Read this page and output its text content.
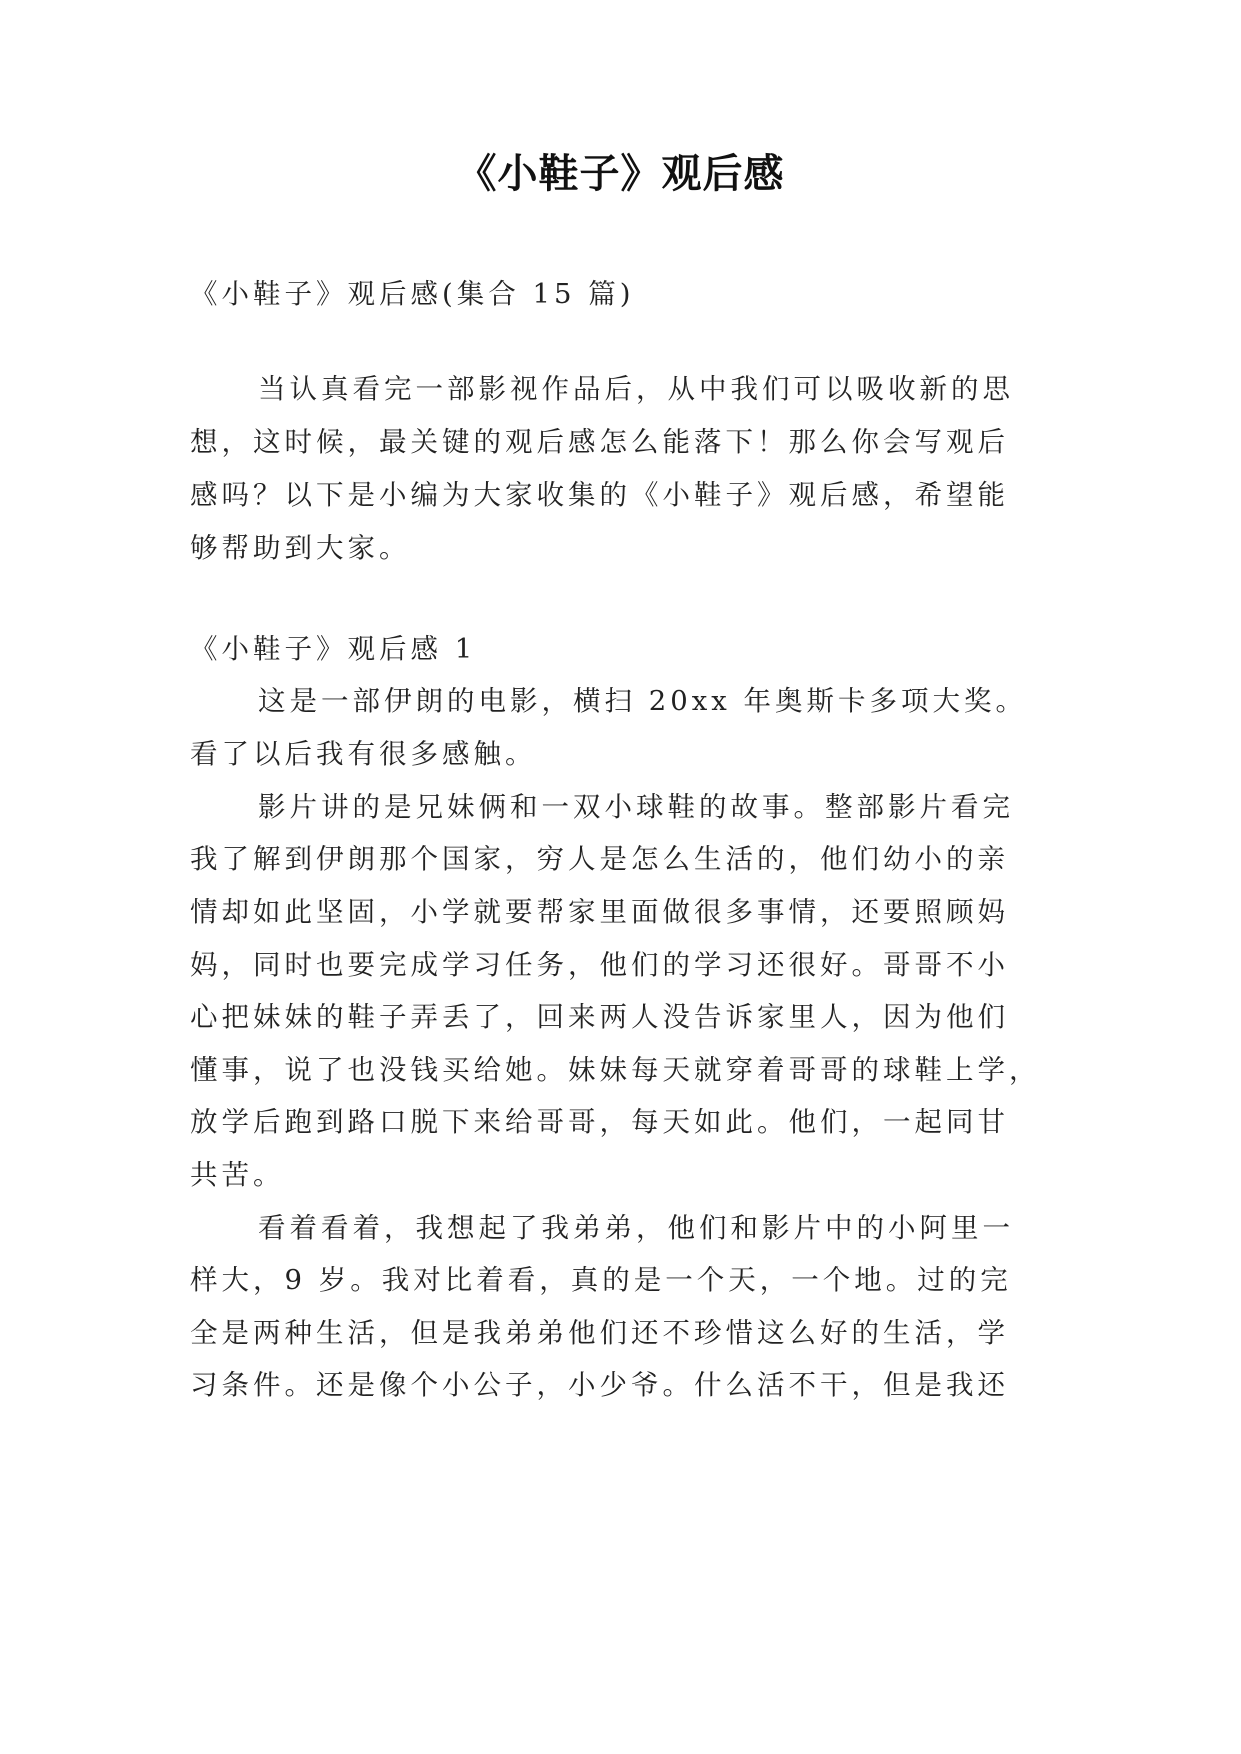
《小鞋子》观后感

《小鞋子》观后感(集合 15 篇)

当认真看完一部影视作品后，从中我们可以吸收新的思

想，这时候，最关键的观后感怎么能落下！那么你会写观后

感吗？以下是小编为大家收集的《小鞋子》观后感，希望能

够帮助到大家。

《小鞋子》观后感 1

这是一部伊朗的电影，横扫 20xx 年奥斯卡多项大奖。

看了以后我有很多感触。

影片讲的是兄妹俩和一双小球鞋的故事。整部影片看完

我了解到伊朗那个国家，穷人是怎么生活的，他们幼小的亲

情却如此坚固，小学就要帮家里面做很多事情，还要照顾妈

妈，同时也要完成学习任务，他们的学习还很好。哥哥不小

心把妹妹的鞋子弄丢了，回来两人没告诉家里人，因为他们

懂事，说了也没钱买给她。妹妹每天就穿着哥哥的球鞋上学，

放学后跑到路口脱下来给哥哥，每天如此。他们，一起同甘

共苦。

看着看着，我想起了我弟弟，他们和影片中的小阿里一

样大，9 岁。我对比着看，真的是一个天，一个地。过的完

全是两种生活，但是我弟弟他们还不珍惜这么好的生活，学

习条件。还是像个小公子，小少爷。什么活不干，但是我还
